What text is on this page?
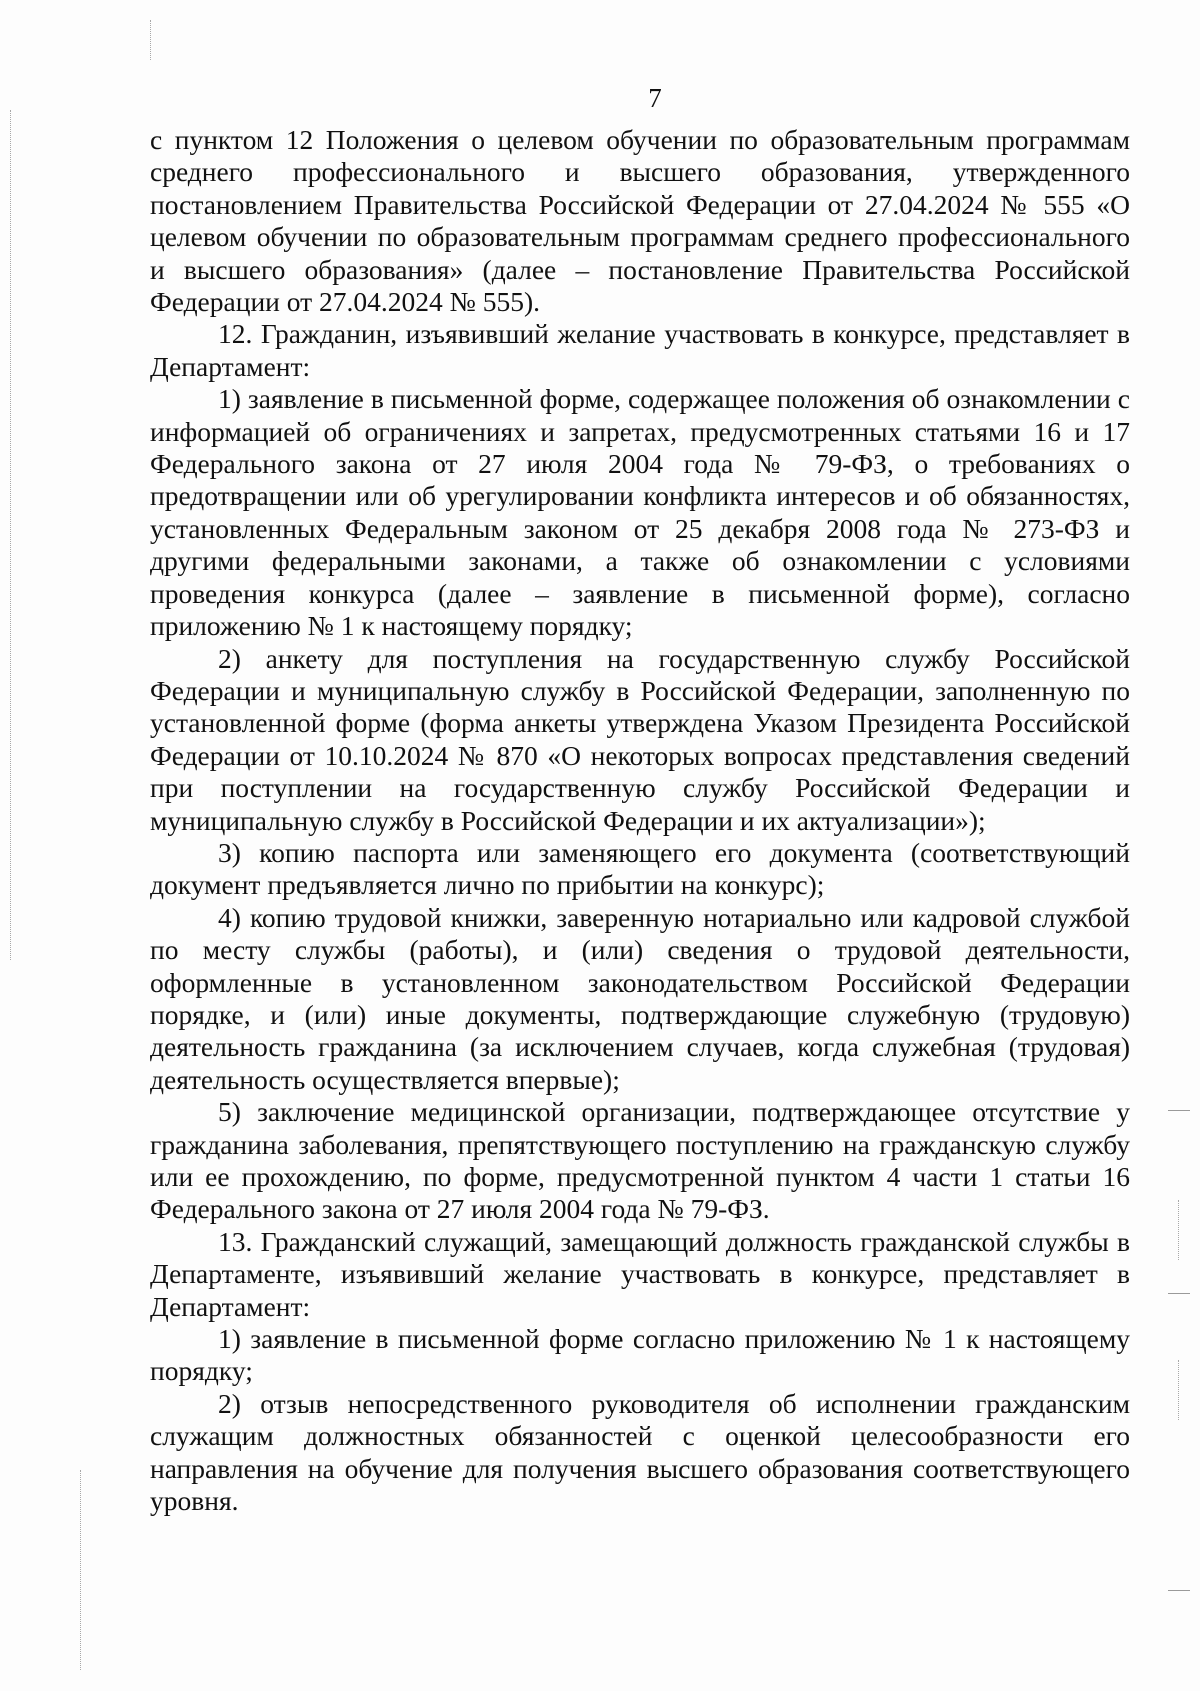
7

с пунктом 12 Положения о целевом обучении по образовательным программам среднего профессионального и высшего образования, утвержденного постановлением Правительства Российской Федерации от 27.04.2024 № 555 «О целевом обучении по образовательным программам среднего профессионального и высшего образования» (далее – постановление Правительства Российской Федерации от 27.04.2024 № 555).

12. Гражданин, изъявивший желание участвовать в конкурсе, представляет в Департамент:

1) заявление в письменной форме, содержащее положения об ознакомлении с информацией об ограничениях и запретах, предусмотренных статьями 16 и 17 Федерального закона от 27 июля 2004 года № 79-ФЗ, о требованиях о предотвращении или об урегулировании конфликта интересов и об обязанностях, установленных Федеральным законом от 25 декабря 2008 года № 273-ФЗ и другими федеральными законами, а также об ознакомлении с условиями проведения конкурса (далее – заявление в письменной форме), согласно приложению № 1 к настоящему порядку;

2) анкету для поступления на государственную службу Российской Федерации и муниципальную службу в Российской Федерации, заполненную по установленной форме (форма анкеты утверждена Указом Президента Российской Федерации от 10.10.2024 № 870 «О некоторых вопросах представления сведений при поступлении на государственную службу Российской Федерации и муниципальную службу в Российской Федерации и их актуализации»);

3) копию паспорта или заменяющего его документа (соответствующий документ предъявляется лично по прибытии на конкурс);

4) копию трудовой книжки, заверенную нотариально или кадровой службой по месту службы (работы), и (или) сведения о трудовой деятельности, оформленные в установленном законодательством Российской Федерации порядке, и (или) иные документы, подтверждающие служебную (трудовую) деятельность гражданина (за исключением случаев, когда служебная (трудовая) деятельность осуществляется впервые);

5) заключение медицинской организации, подтверждающее отсутствие у гражданина заболевания, препятствующего поступлению на гражданскую службу или ее прохождению, по форме, предусмотренной пунктом 4 части 1 статьи 16 Федерального закона от 27 июля 2004 года № 79-ФЗ.

13. Гражданский служащий, замещающий должность гражданской службы в Департаменте, изъявивший желание участвовать в конкурсе, представляет в Департамент:

1) заявление в письменной форме согласно приложению № 1 к настоящему порядку;

2) отзыв непосредственного руководителя об исполнении гражданским служащим должностных обязанностей с оценкой целесообразности его направления на обучение для получения высшего образования соответствующего уровня.
